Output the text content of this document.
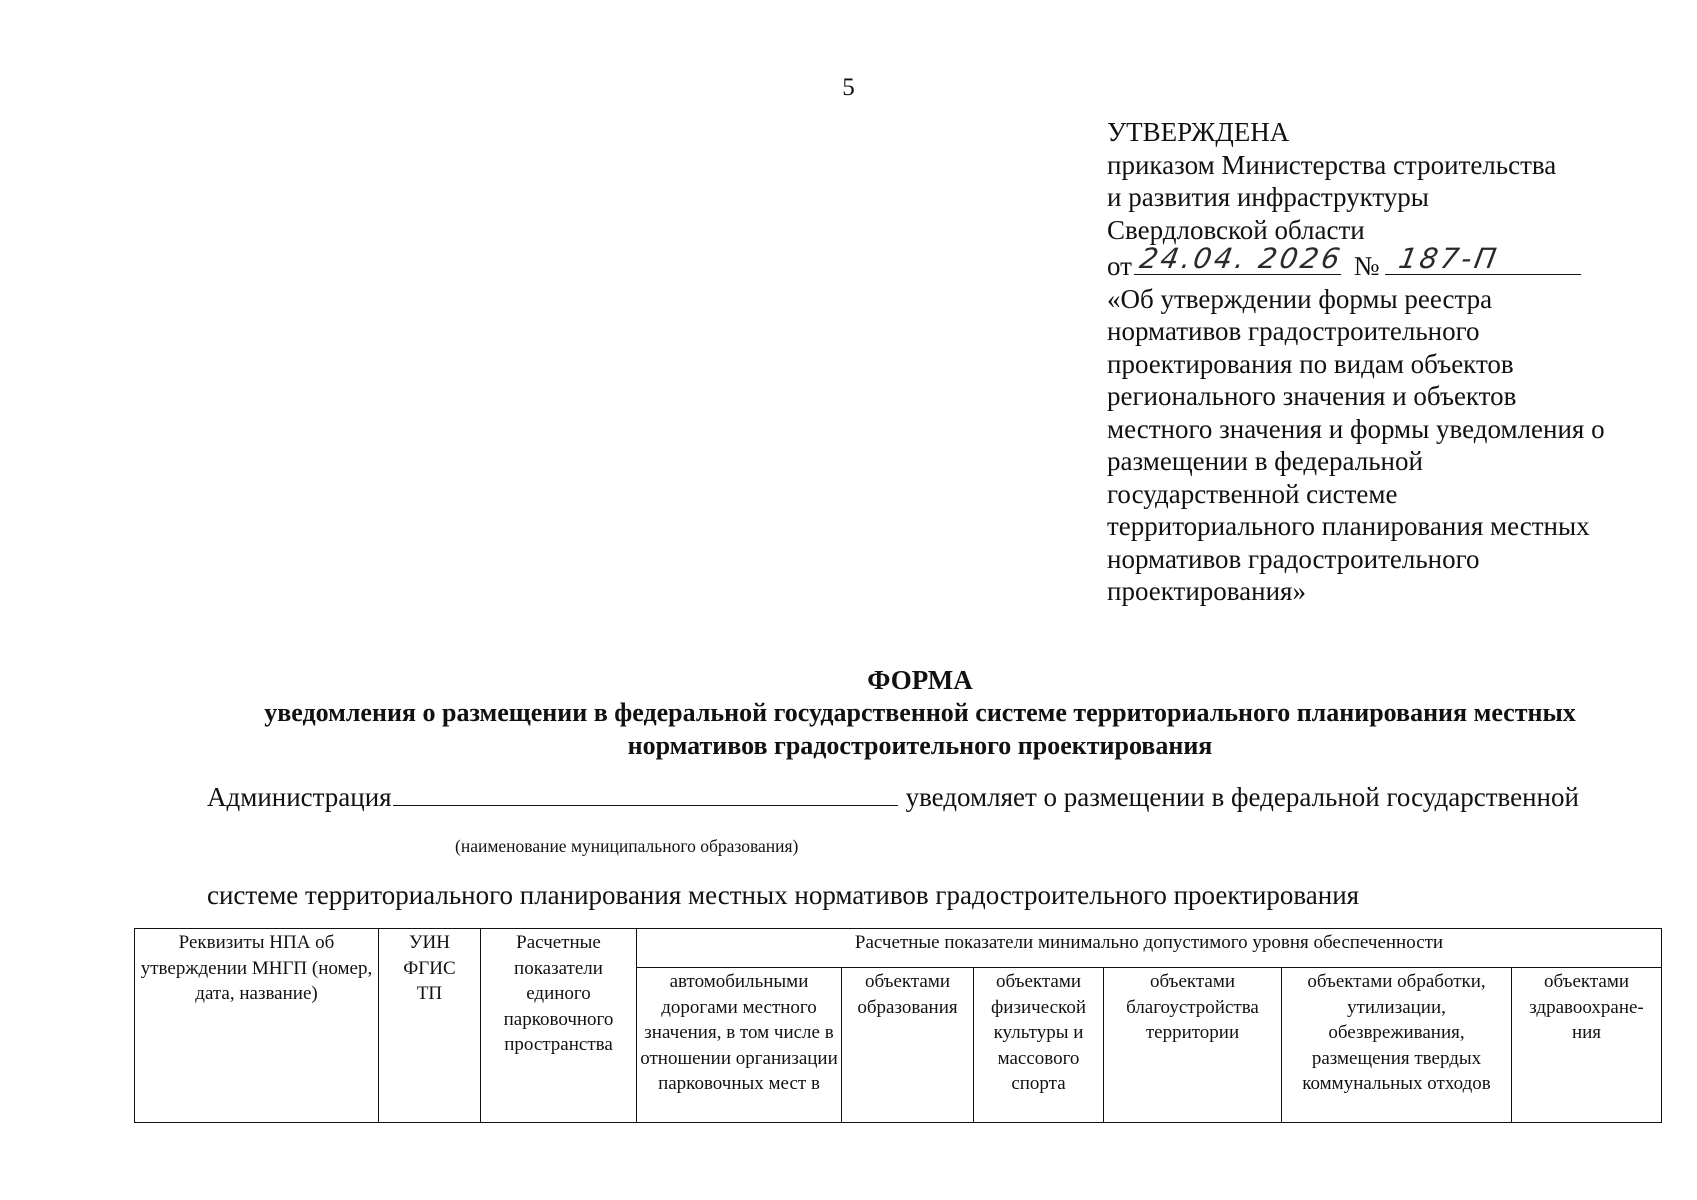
5
УТВЕРЖДЕНА
приказом Министерства строительства
и развития инфраструктуры
Свердловской области
от 24.04. 2026 № 187-П
«Об утверждении формы реестра
нормативов градостроительного
проектирования по видам объектов
регионального значения и объектов
местного значения и формы уведомления о
размещении в федеральной
государственной системе
территориального планирования местных
нормативов градостроительного
проектирования»
ФОРМА
уведомления о размещении в федеральной государственной системе территориального планирования местных
нормативов градостроительного проектирования
Администрация	уведомляет о размещении в федеральной государственной
(наименование муниципального образования)
системе территориального планирования местных нормативов градостроительного проектирования
Реквизиты НПА об утверждении МНГП (номер, дата, название)	УИН ФГИС ТП	Расчетные показатели единого парковочного пространства	Расчетные показатели минимально допустимого уровня обеспеченности					

			автомобильными дорогами местного значения, в том числе в отношении организации парковочных мест в	объектами образования	объектами физической культуры и массового спорта	объектами благоустройства территории	объектами обработки, утилизации, обезвреживания, размещения твердых коммунальных отходов	объектами здравоохране-ния
